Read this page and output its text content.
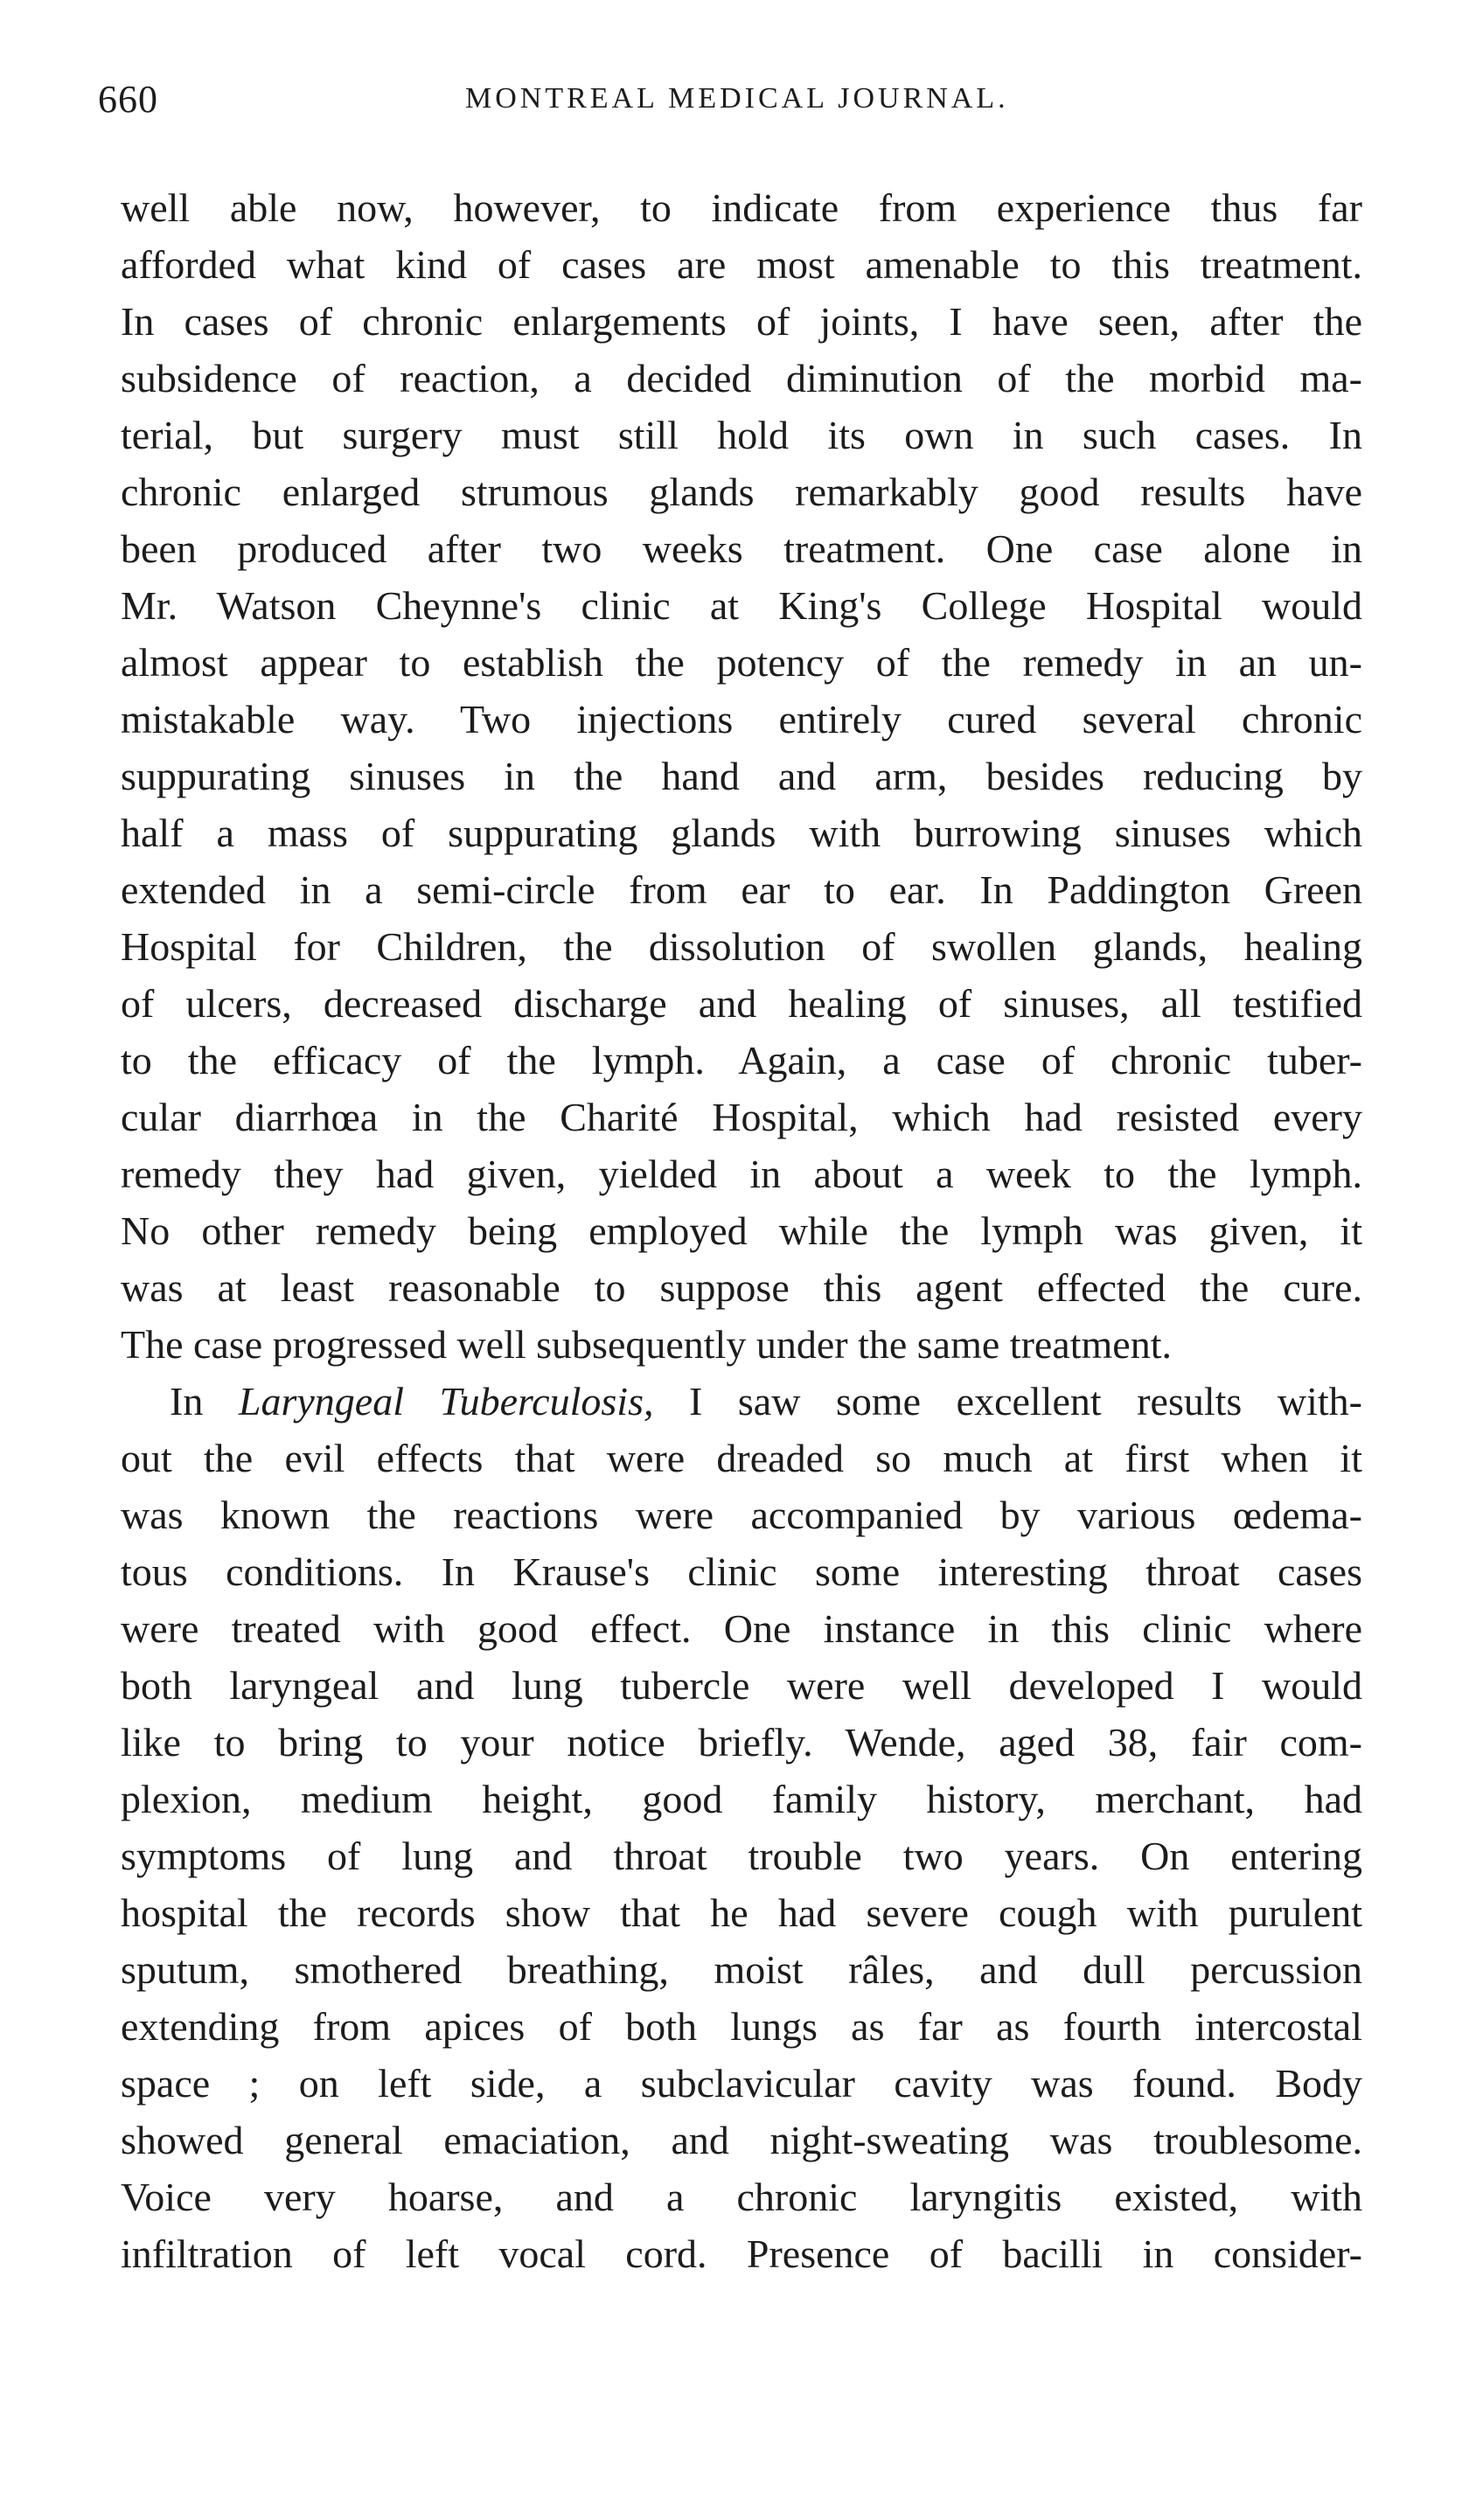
660	MONTREAL MEDICAL JOURNAL.
well able now, however, to indicate from experience thus far
afforded what kind of cases are most amenable to this treatment.
In cases of chronic enlargements of joints, I have seen, after the
subsidence of reaction, a decided diminution of the morbid ma-
terial, but surgery must still hold its own in such cases. In
chronic enlarged strumous glands remarkably good results have
been produced after two weeks treatment. One case alone in
Mr. Watson Cheynne's clinic at King's College Hospital would
almost appear to establish the potency of the remedy in an un-
mistakable way. Two injections entirely cured several chronic
suppurating sinuses in the hand and arm, besides reducing by
half a mass of suppurating glands with burrowing sinuses which
extended in a semi-circle from ear to ear. In Paddington Green
Hospital for Children, the dissolution of swollen glands, healing
of ulcers, decreased discharge and healing of sinuses, all testified
to the efficacy of the lymph. Again, a case of chronic tuber-
cular diarrhœa in the Charité Hospital, which had resisted every
remedy they had given, yielded in about a week to the lymph.
No other remedy being employed while the lymph was given, it
was at least reasonable to suppose this agent effected the cure.
The case progressed well subsequently under the same treatment.
In Laryngeal Tuberculosis, I saw some excellent results with-
out the evil effects that were dreaded so much at first when it
was known the reactions were accompanied by various œdema-
tous conditions. In Krause's clinic some interesting throat cases
were treated with good effect. One instance in this clinic where
both laryngeal and lung tubercle were well developed I would
like to bring to your notice briefly. Wende, aged 38, fair com-
plexion, medium height, good family history, merchant, had
symptoms of lung and throat trouble two years. On entering
hospital the records show that he had severe cough with purulent
sputum, smothered breathing, moist râles, and dull percussion
extending from apices of both lungs as far as fourth intercostal
space ; on left side, a subclavicular cavity was found. Body
showed general emaciation, and night-sweating was troublesome.
Voice very hoarse, and a chronic laryngitis existed, with
infiltration of left vocal cord. Presence of bacilli in consider-
